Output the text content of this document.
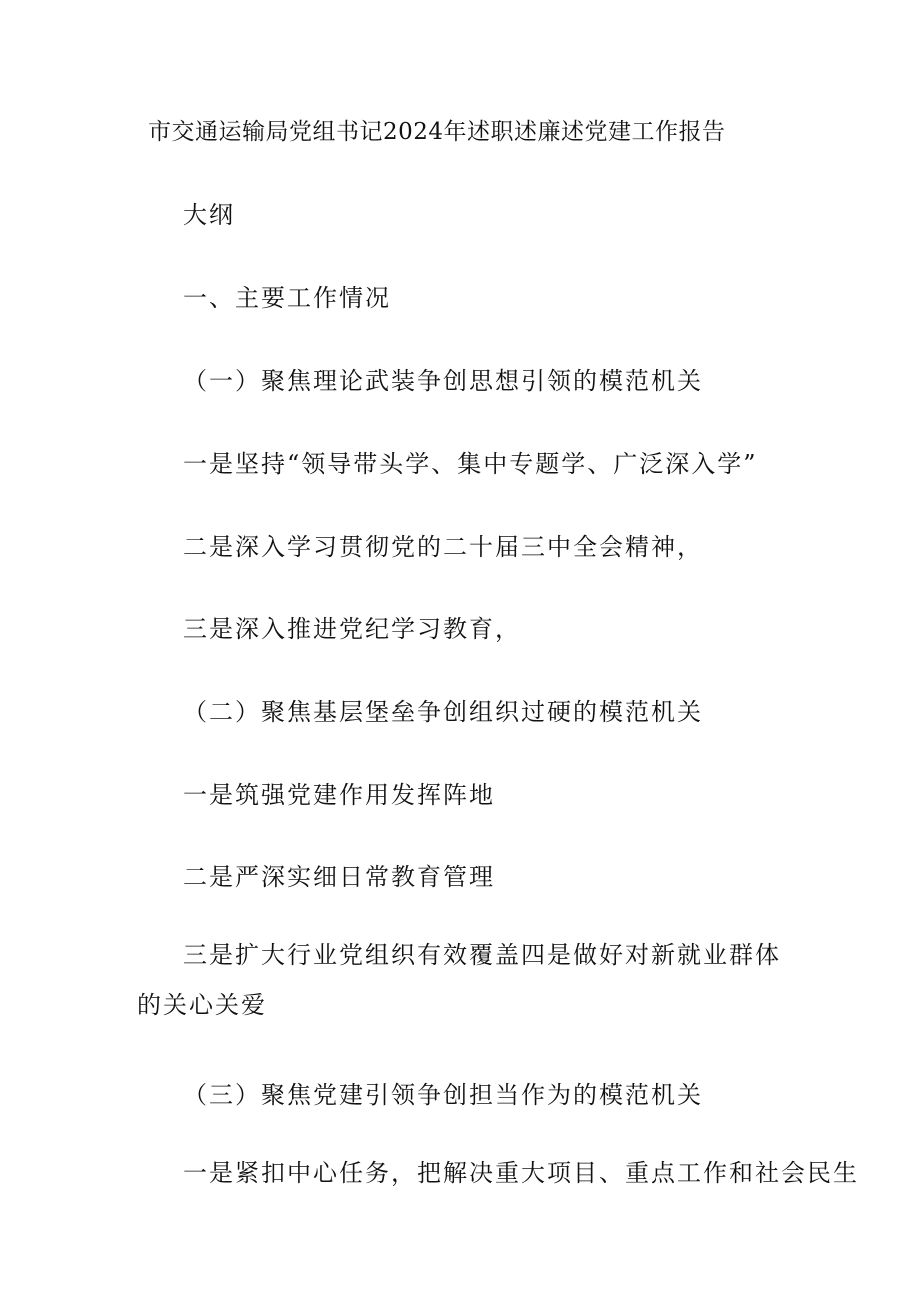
市交通运输局党组书记2024年述职述廉述党建工作报告
大纲
一、主要工作情况
（一）聚焦理论武装争创思想引领的模范机关
一是坚持“领导带头学、集中专题学、广泛深入学”
二是深入学习贯彻党的二十届三中全会精神，
三是深入推进党纪学习教育，
（二）聚焦基层堡垒争创组织过硬的模范机关
一是筑强党建作用发挥阵地
二是严深实细日常教育管理
三是扩大行业党组织有效覆盖四是做好对新就业群体的关心关爱
（三）聚焦党建引领争创担当作为的模范机关
一是紧扣中心任务，把解决重大项目、重点工作和社会民生
